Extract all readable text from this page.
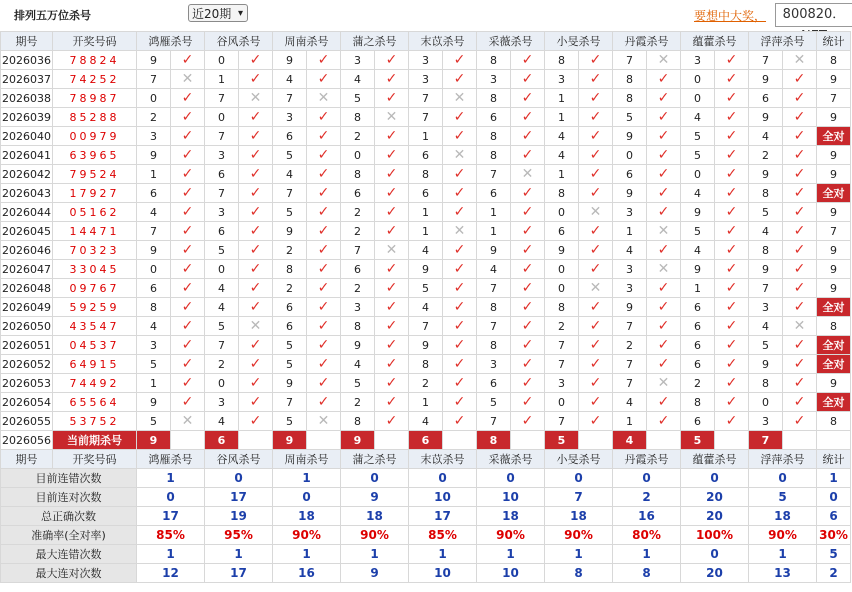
排列五万位杀号	近20期 ▾	要想中大奖，	800820．
期号	开奖号码	鸿雁杀号		谷风杀号		周南杀号		蒲之杀号		末苡杀号		采薇杀号		小旻杀号		丹霞杀号		蕴藿杀号		浮萍杀号		统计
2026036	78824	9	✓	0	✓	9	✓	3	✓	3	✓	8	✓	8	✓	7	✕	3	✓	7	✕	8
2026037	74252	7	✕	1	✓	4	✓	4	✓	3	✓	3	✓	3	✓	8	✓	0	✓	9	✓	9
2026038	78987	0	✓	7	✕	7	✕	5	✓	7	✕	8	✓	1	✓	8	✓	0	✓	6	✓	7
2026039	85288	2	✓	0	✓	3	✓	8	✕	7	✓	6	✓	1	✓	5	✓	4	✓	9	✓	9
2026040	00979	3	✓	7	✓	6	✓	2	✓	1	✓	8	✓	4	✓	9	✓	5	✓	4	✓	全对
2026041	63965	9	✓	3	✓	5	✓	0	✓	6	✕	8	✓	4	✓	0	✓	5	✓	2	✓	9
2026042	79524	1	✓	6	✓	4	✓	8	✓	8	✓	7	✕	1	✓	6	✓	0	✓	9	✓	9
2026043	17927	6	✓	7	✓	7	✓	6	✓	6	✓	6	✓	8	✓	9	✓	4	✓	8	✓	全对
2026044	05162	4	✓	3	✓	5	✓	2	✓	1	✓	1	✓	0	✕	3	✓	9	✓	5	✓	9
2026045	14471	7	✓	6	✓	9	✓	2	✓	1	✕	1	✓	6	✓	1	✕	5	✓	4	✓	7
2026046	70323	9	✓	5	✓	2	✓	7	✕	4	✓	9	✓	9	✓	4	✓	4	✓	8	✓	9
2026047	33045	0	✓	0	✓	8	✓	6	✓	9	✓	4	✓	0	✓	3	✕	9	✓	9	✓	9
2026048	09767	6	✓	4	✓	2	✓	2	✓	5	✓	7	✓	0	✕	3	✓	1	✓	7	✓	9
2026049	59259	8	✓	4	✓	6	✓	3	✓	4	✓	8	✓	8	✓	9	✓	6	✓	3	✓	全对
2026050	43547	4	✓	5	✕	6	✓	8	✓	7	✓	7	✓	2	✓	7	✓	6	✓	4	✕	8
2026051	04537	3	✓	7	✓	5	✓	9	✓	9	✓	8	✓	7	✓	2	✓	6	✓	5	✓	全对
2026052	64915	5	✓	2	✓	5	✓	4	✓	8	✓	3	✓	7	✓	7	✓	6	✓	9	✓	全对
2026053	74492	1	✓	0	✓	9	✓	5	✓	2	✓	6	✓	3	✓	7	✕	2	✓	8	✓	9
2026054	65564	9	✓	3	✓	7	✓	2	✓	1	✓	5	✓	0	✓	4	✓	8	✓	0	✓	全对
2026055	53752	5	✕	4	✓	5	✕	8	✓	4	✓	7	✓	7	✓	1	✓	6	✓	3	✓	8
2026056	当前期杀号	9		6		9		9		6		8		5		4		5		7		
期号	开奖号码	鸿雁杀号		谷风杀号		周南杀号		蒲之杀号		末苡杀号		采薇杀号		小旻杀号		丹霞杀号		蕴藿杀号		浮萍杀号		统计
目前连错次数		1		0		1		0		0		0		0		0		0		0		1
目前连对次数		0		17		0		9		10		10		7		2		20		5		0
总正确次数		17		19		18		18		17		18		18		16		20		18		6
准确率(全对率)		85%		95%		90%		90%		85%		90%		90%		80%		100%		90%		30%
最大连错次数		1		1		1		1		1		1		1		1		0		1		5
最大连对次数		12		17		16		9		10		10		8		8		20		13		2
